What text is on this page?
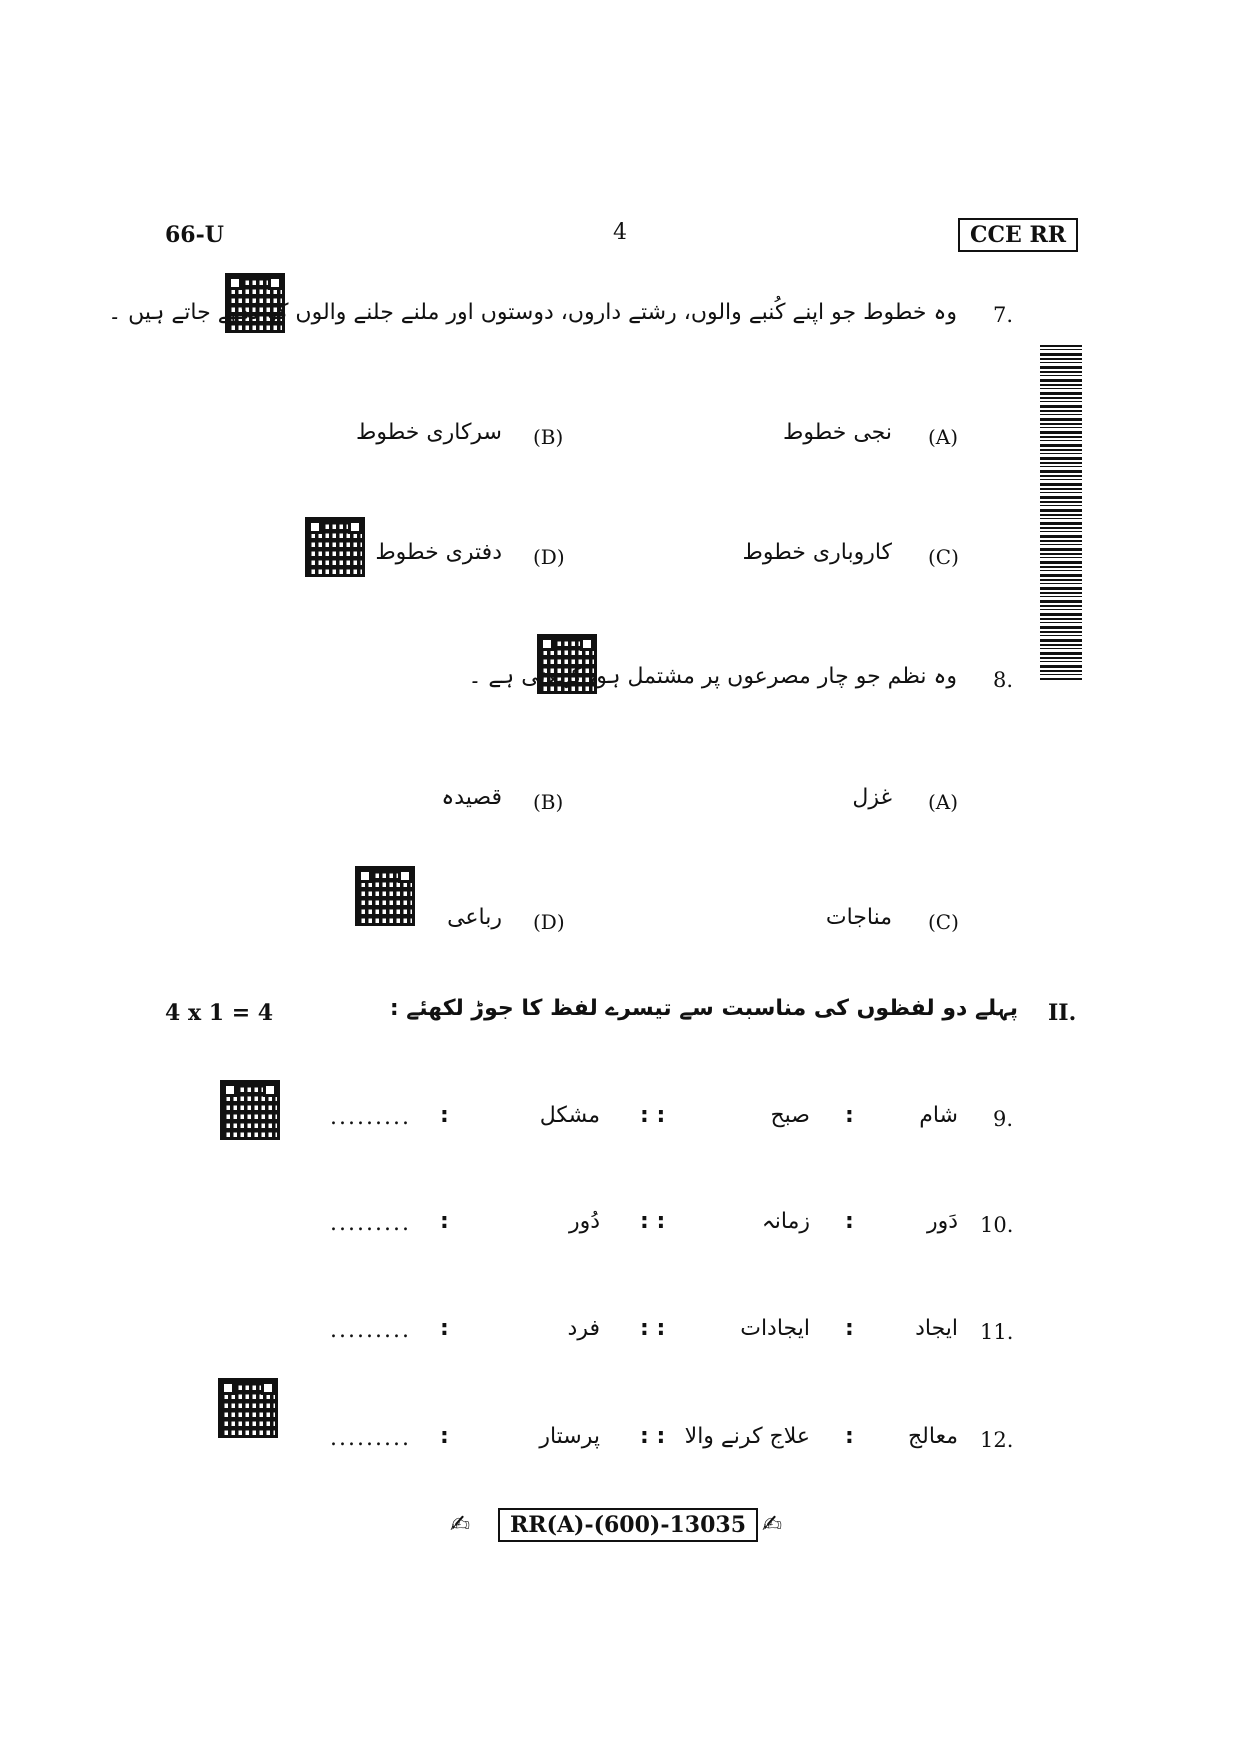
66-U	4	CCE RR
7.
وہ خطوط جو اپنے کُنبے والوں، رشتے داروں، دوستوں اور ملنے جلنے والوں کو لکھے جاتے ہیں ۔
(A)
نجی خطوط
(B)
سرکاری خطوط
(C)
کاروباری خطوط
(D)
دفتری خطوط
8.
وہ نظم جو چار مصرعوں پر مشتمل ہو، کہلاتی ہے ۔
(A)
غزل
(B)
قصیدہ
(C)
مناجات
(D)
رباعی
II.
پہلے دو لفظوں کی مناسبت سے تیسرے لفظ کا جوڑ لکھئے :
4 x 1 = 4
9.
شام
:
صبح
: :
مشکل
:
.........
10.
دَور
:
زمانہ
: :
دُور
:
.........
11.
ایجاد
:
ایجادات
: :
فرد
:
.........
12.
معالج
:
علاج کرنے والا
: :
پرستار
:
.........
✍	RR(A)-(600)-13035 ✍
